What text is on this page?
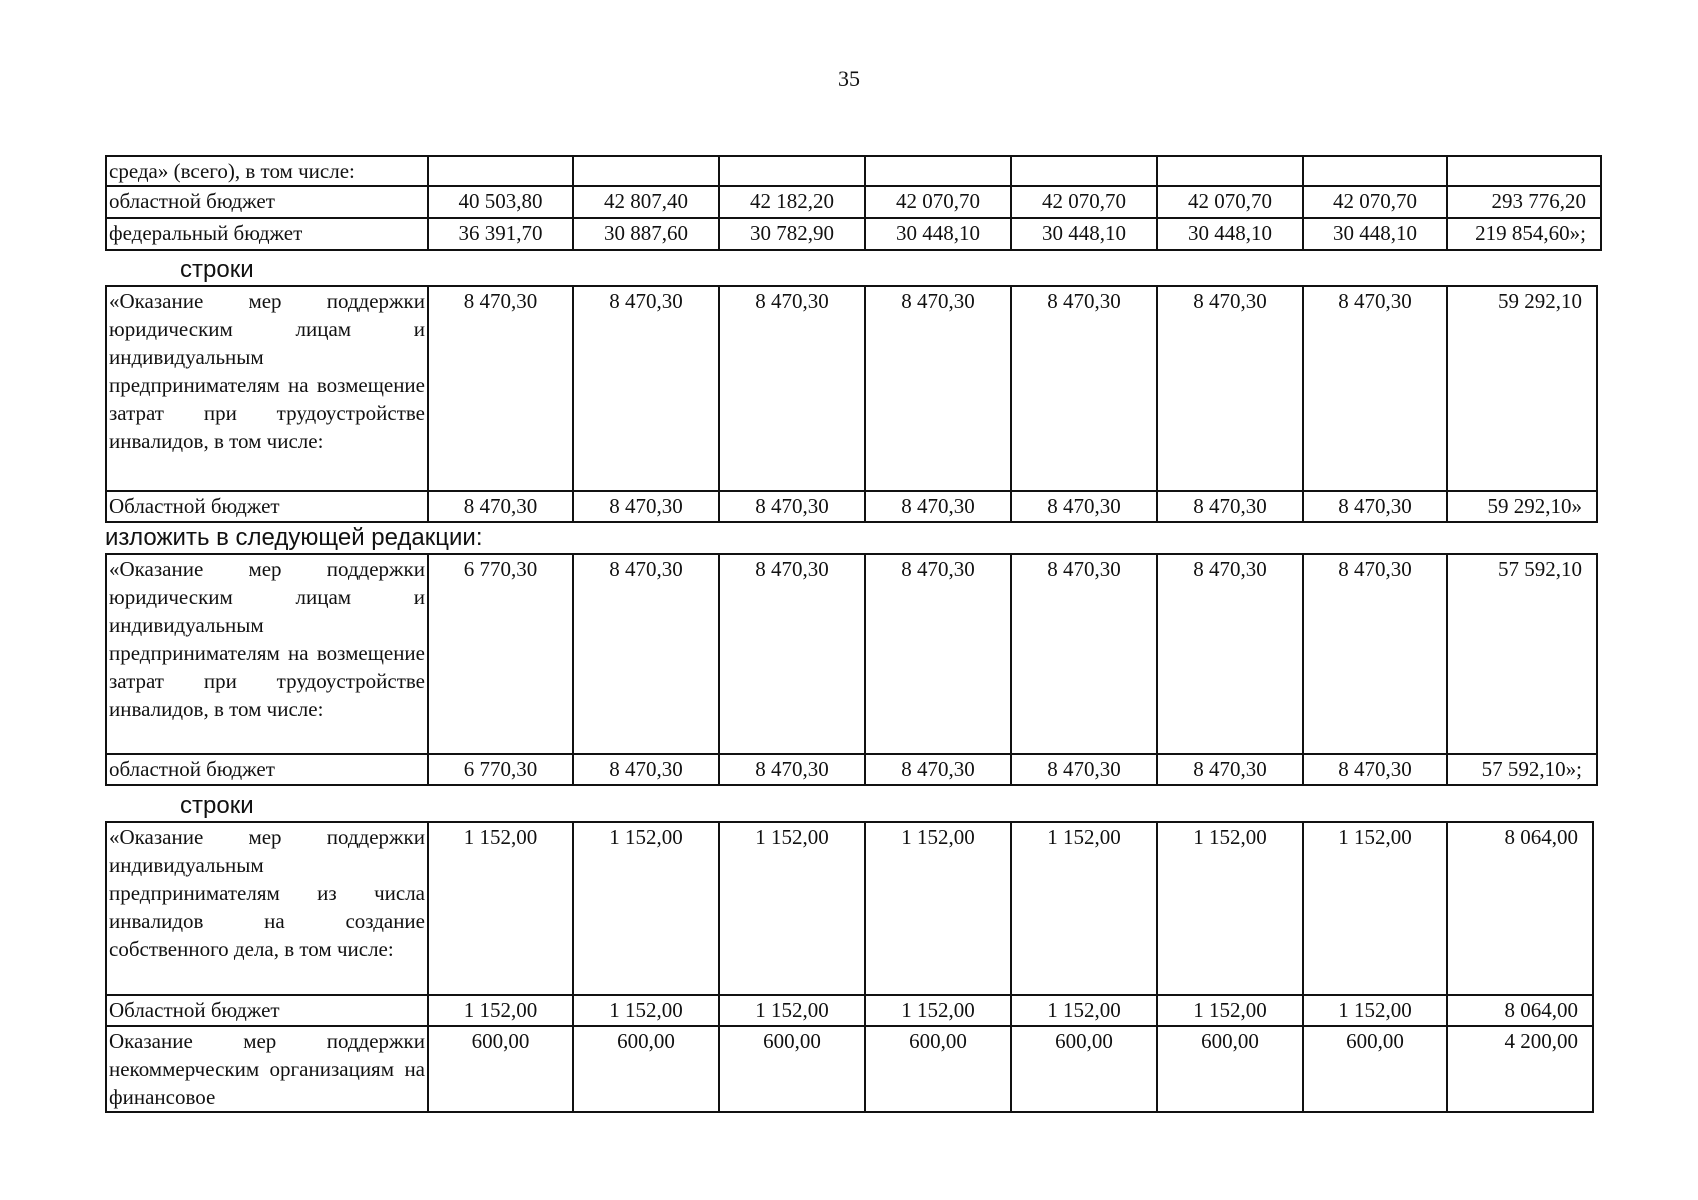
35
среда» (всего), в том числе:								
областной бюджет	40 503,80	42 807,40	42 182,20	42 070,70	42 070,70	42 070,70	42 070,70	293 776,20
федеральный бюджет	36 391,70	30 887,60	30 782,90	30 448,10	30 448,10	30 448,10	30 448,10	219 854,60»;
строки
«Оказание мер поддержки юридическим лицам и индивидуальным предпринимателям на возмещение затрат при трудоустройстве инвалидов, в том числе:	8 470,30	8 470,30	8 470,30	8 470,30	8 470,30	8 470,30	8 470,30	59 292,10
Областной бюджет	8 470,30	8 470,30	8 470,30	8 470,30	8 470,30	8 470,30	8 470,30	59 292,10»
изложить в следующей редакции:
«Оказание мер поддержки юридическим лицам и индивидуальным предпринимателям на возмещение затрат при трудоустройстве инвалидов, в том числе:	6 770,30	8 470,30	8 470,30	8 470,30	8 470,30	8 470,30	8 470,30	57 592,10
областной бюджет	6 770,30	8 470,30	8 470,30	8 470,30	8 470,30	8 470,30	8 470,30	57 592,10»;
строки
«Оказание мер поддержки индивидуальным предпринимателям из числа инвалидов на создание собственного дела, в том числе:	1 152,00	1 152,00	1 152,00	1 152,00	1 152,00	1 152,00	1 152,00	8 064,00
Областной бюджет	1 152,00	1 152,00	1 152,00	1 152,00	1 152,00	1 152,00	1 152,00	8 064,00
Оказание мер поддержки некоммерческим организациям на финансовое	600,00	600,00	600,00	600,00	600,00	600,00	600,00	4 200,00
